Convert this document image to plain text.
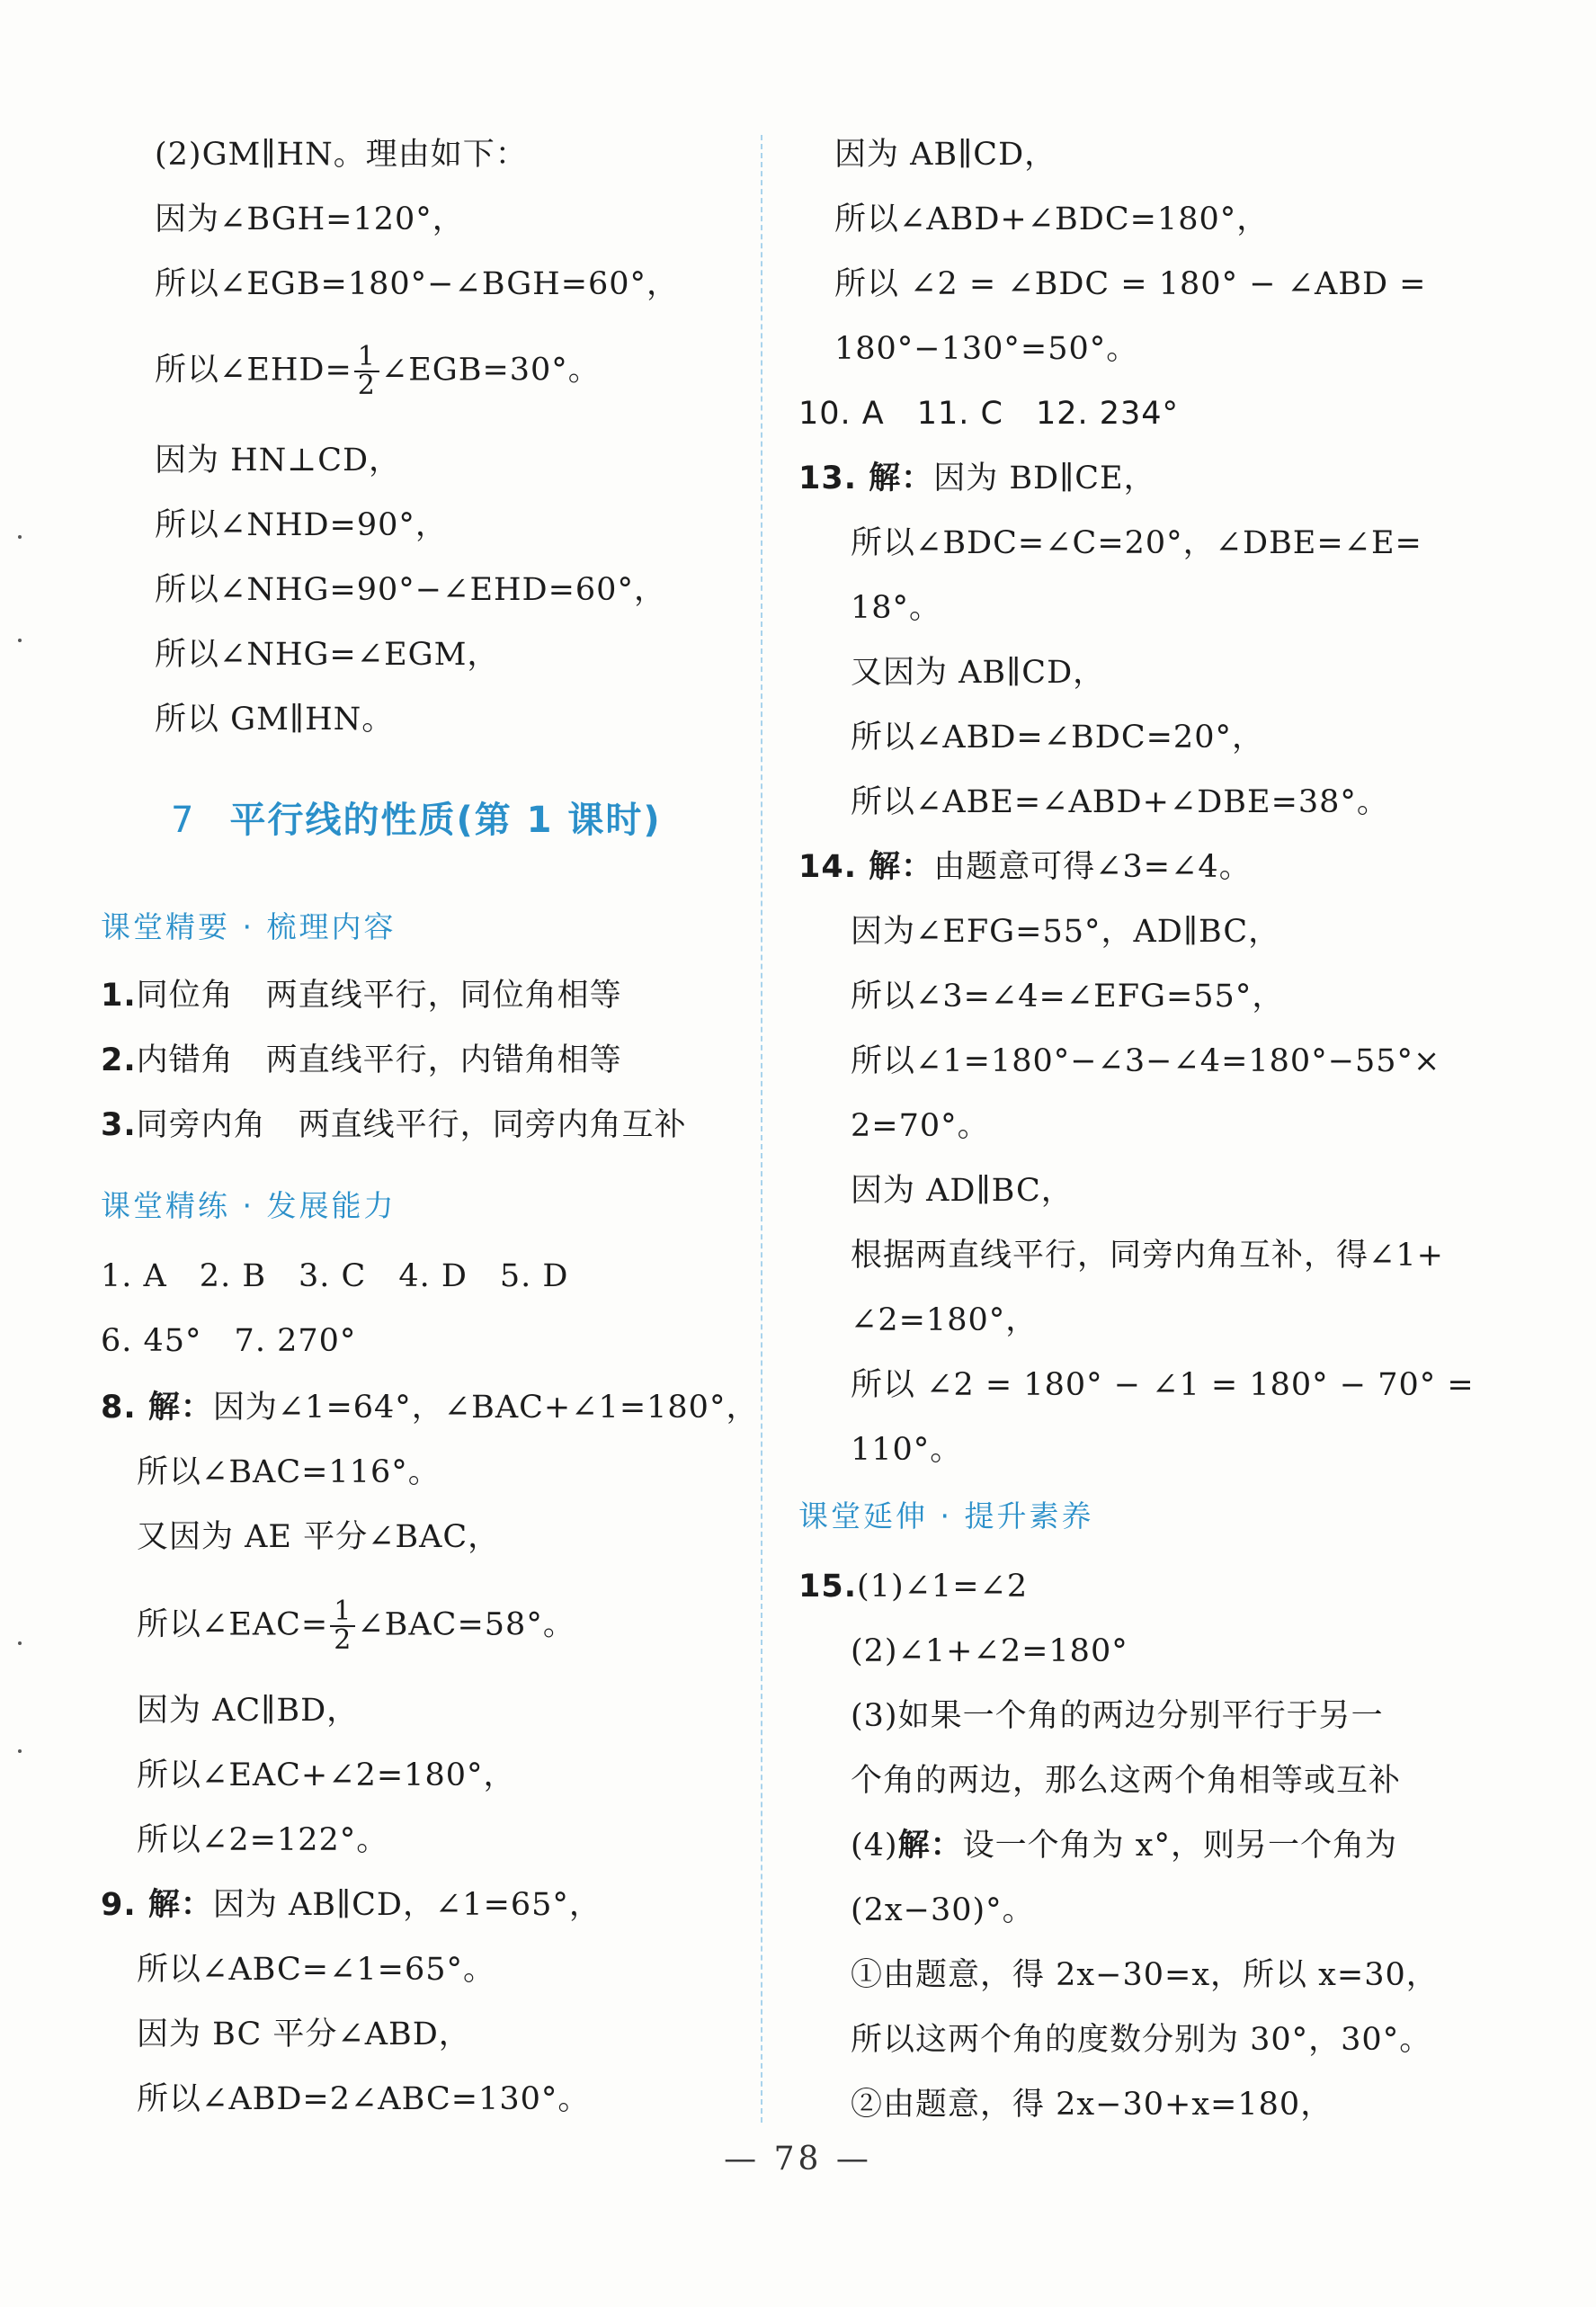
(2)GM∥HN。理由如下：
因为∠BGH=120°，
所以∠EGB=180°−∠BGH=60°，
所以∠EHD= $\frac{1}{2}$ ∠EGB=30°。
因为 HN⊥CD，
所以∠NHD=90°，
所以∠NHG=90°−∠EHD=60°，
所以∠NHG=∠EGM，
所以 GM∥HN。
7 平行线的性质(第 1 课时)
课堂精要 · 梳理内容
1.同位角　两直线平行，同位角相等
2.内错角　两直线平行，内错角相等
3.同旁内角　两直线平行，同旁内角互补
课堂精练 · 发展能力
1. A　2. B　3. C　4. D　5. D
6. 45°　7. 270°
8. 解：因为∠1=64°，∠BAC+∠1=180°，
所以∠BAC=116°。
又因为 AE 平分∠BAC，
所以∠EAC= $\frac{1}{2}$ ∠BAC=58°。
因为 AC∥BD，
所以∠EAC+∠2=180°，
所以∠2=122°。
9. 解：因为 AB∥CD，∠1=65°，
所以∠ABC=∠1=65°。
因为 BC 平分∠ABD，
所以∠ABD=2∠ABC=130°。
因为 AB∥CD，
所以∠ABD+∠BDC=180°，
所以 ∠2 = ∠BDC = 180° − ∠ABD =
180°−130°=50°。
10. A　11. C　12. 234°
13. 解：因为 BD∥CE，
所以∠BDC=∠C=20°，∠DBE=∠E=
18°。
又因为 AB∥CD，
所以∠ABD=∠BDC=20°，
所以∠ABE=∠ABD+∠DBE=38°。
14. 解：由题意可得∠3=∠4。
因为∠EFG=55°，AD∥BC，
所以∠3=∠4=∠EFG=55°，
所以∠1=180°−∠3−∠4=180°−55°×
2=70°。
因为 AD∥BC，
根据两直线平行，同旁内角互补，得∠1+
∠2=180°，
所以 ∠2 = 180° − ∠1 = 180° − 70° =
110°。
课堂延伸 · 提升素养
15.(1)∠1=∠2
(2)∠1+∠2=180°
(3)如果一个角的两边分别平行于另一
个角的两边，那么这两个角相等或互补
(4)解：设一个角为 x°，则另一个角为
(2x−30)°。
①由题意，得 2x−30=x，所以 x=30，
所以这两个角的度数分别为 30°，30°。
②由题意，得 2x−30+x=180，
— 78 —
